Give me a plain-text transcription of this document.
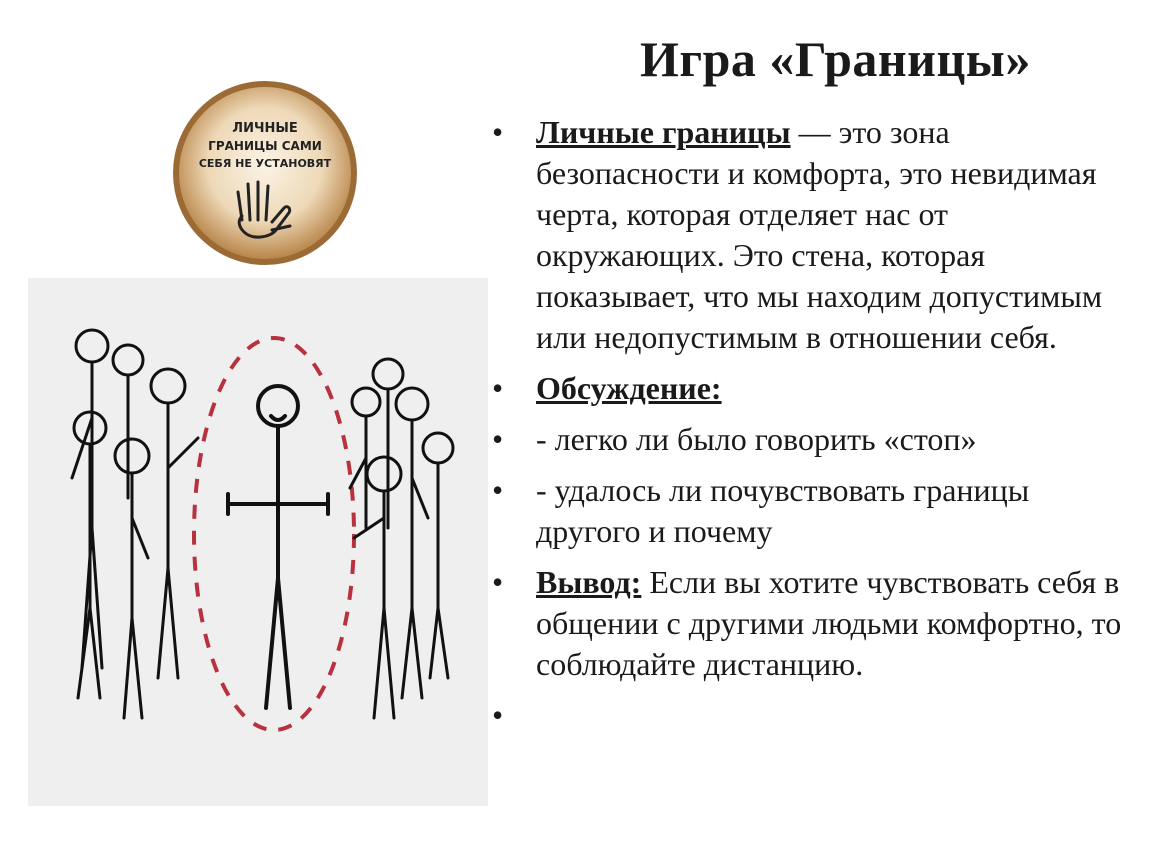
Игра «Границы»
ЛИЧНЫЕ
ГРАНИЦЫ САМИ
СЕБЯ НЕ УСТАНОВЯТ
• Личные границы — это зона безопасности и комфорта, это невидимая черта, которая отделяет нас от окружающих. Это стена, которая показывает, что мы находим допустимым или недопустимым в отношении себя.
• Обсуждение:
• - легко ли было говорить «стоп»
• - удалось ли почувствовать границы другого и почему
• Вывод: Если вы хотите чувствовать себя в общении с другими людьми комфортно, то соблюдайте дистанцию.
•
